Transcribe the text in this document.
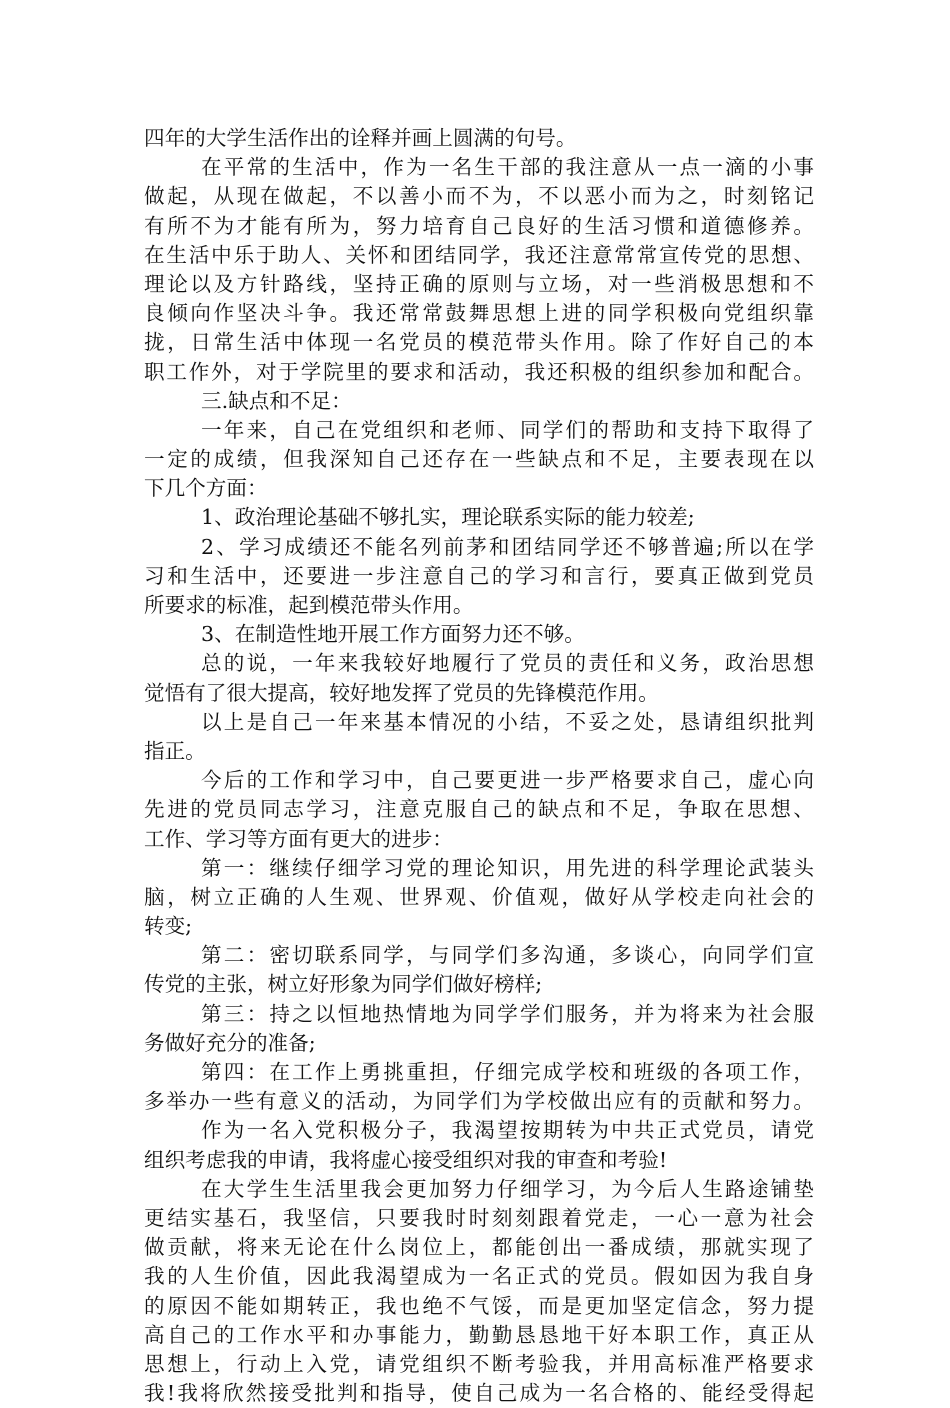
四年的大学生活作出的诠释并画上圆满的句号。
在平常的生活中，作为一名生干部的我注意从一点一滴的小事
做起，从现在做起，不以善小而不为，不以恶小而为之，时刻铭记
有所不为才能有所为，努力培育自己良好的生活习惯和道德修养。
在生活中乐于助人、关怀和团结同学，我还注意常常宣传党的思想、
理论以及方针路线，坚持正确的原则与立场，对一些消极思想和不
良倾向作坚决斗争。我还常常鼓舞思想上进的同学积极向党组织靠
拢，日常生活中体现一名党员的模范带头作用。除了作好自己的本
职工作外，对于学院里的要求和活动，我还积极的组织参加和配合。
三.缺点和不足：
一年来，自己在党组织和老师、同学们的帮助和支持下取得了
一定的成绩，但我深知自己还存在一些缺点和不足，主要表现在以
下几个方面：
1、政治理论基础不够扎实，理论联系实际的能力较差;
2、学习成绩还不能名列前茅和团结同学还不够普遍;所以在学
习和生活中，还要进一步注意自己的学习和言行，要真正做到党员
所要求的标准，起到模范带头作用。
3、在制造性地开展工作方面努力还不够。
总的说，一年来我较好地履行了党员的责任和义务，政治思想
觉悟有了很大提高，较好地发挥了党员的先锋模范作用。
以上是自己一年来基本情况的小结，不妥之处，恳请组织批判
指正。
今后的工作和学习中，自己要更进一步严格要求自己，虚心向
先进的党员同志学习，注意克服自己的缺点和不足，争取在思想、
工作、学习等方面有更大的进步：
第一：继续仔细学习党的理论知识，用先进的科学理论武装头
脑，树立正确的人生观、世界观、价值观，做好从学校走向社会的
转变;
第二：密切联系同学，与同学们多沟通，多谈心，向同学们宣
传党的主张，树立好形象为同学们做好榜样;
第三：持之以恒地热情地为同学学们服务，并为将来为社会服
务做好充分的准备;
第四：在工作上勇挑重担，仔细完成学校和班级的各项工作，
多举办一些有意义的活动，为同学们为学校做出应有的贡献和努力。
作为一名入党积极分子，我渴望按期转为中共正式党员，请党
组织考虑我的申请，我将虚心接受组织对我的审查和考验!
在大学生生活里我会更加努力仔细学习，为今后人生路途铺垫
更结实基石，我坚信，只要我时时刻刻跟着党走，一心一意为社会
做贡献，将来无论在什么岗位上，都能创出一番成绩，那就实现了
我的人生价值，因此我渴望成为一名正式的党员。假如因为我自身
的原因不能如期转正，我也绝不气馁，而是更加坚定信念，努力提
高自己的工作水平和办事能力，勤勤恳恳地干好本职工作，真正从
思想上，行动上入党，请党组织不断考验我，并用高标准严格要求
我!我将欣然接受批判和指导，使自己成为一名合格的、能经受得起
